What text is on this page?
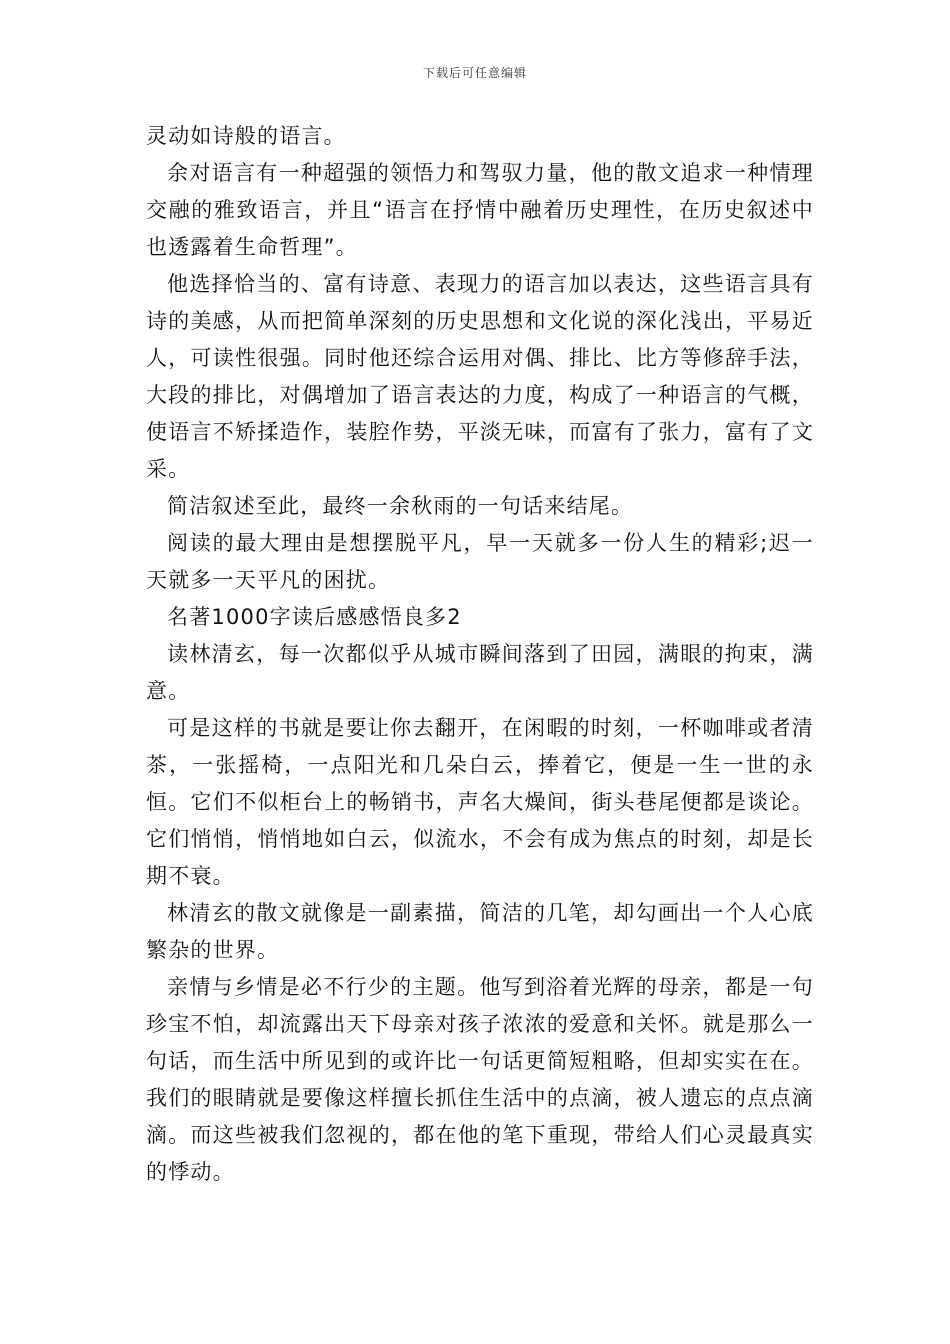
下载后可任意编辑

灵动如诗般的语言。

余对语言有一种超强的领悟力和驾驭力量，他的散文追求一种情理交融的雅致语言，并且“语言在抒情中融着历史理性，在历史叙述中也透露着生命哲理”。

他选择恰当的、富有诗意、表现力的语言加以表达，这些语言具有诗的美感，从而把简单深刻的历史思想和文化说的深化浅出，平易近人，可读性很强。同时他还综合运用对偶、排比、比方等修辞手法，大段的排比，对偶增加了语言表达的力度，构成了一种语言的气概，使语言不矫揉造作，装腔作势，平淡无味，而富有了张力，富有了文采。

简洁叙述至此，最终一余秋雨的一句话来结尾。

阅读的最大理由是想摆脱平凡，早一天就多一份人生的精彩;迟一天就多一天平凡的困扰。

名著1000字读后感感悟良多2

读林清玄，每一次都似乎从城市瞬间落到了田园，满眼的拘束，满意。

可是这样的书就是要让你去翻开，在闲暇的时刻，一杯咖啡或者清茶，一张摇椅，一点阳光和几朵白云，捧着它，便是一生一世的永恒。它们不似柜台上的畅销书，声名大燥间，街头巷尾便都是谈论。它们悄悄，悄悄地如白云，似流水，不会有成为焦点的时刻，却是长期不衰。

林清玄的散文就像是一副素描，简洁的几笔，却勾画出一个人心底繁杂的世界。

亲情与乡情是必不行少的主题。他写到浴着光辉的母亲，都是一句珍宝不怕，却流露出天下母亲对孩子浓浓的爱意和关怀。就是那么一句话，而生活中所见到的或许比一句话更简短粗略，但却实实在在。我们的眼睛就是要像这样擅长抓住生活中的点滴，被人遗忘的点点滴滴。而这些被我们忽视的，都在他的笔下重现，带给人们心灵最真实的悸动。
